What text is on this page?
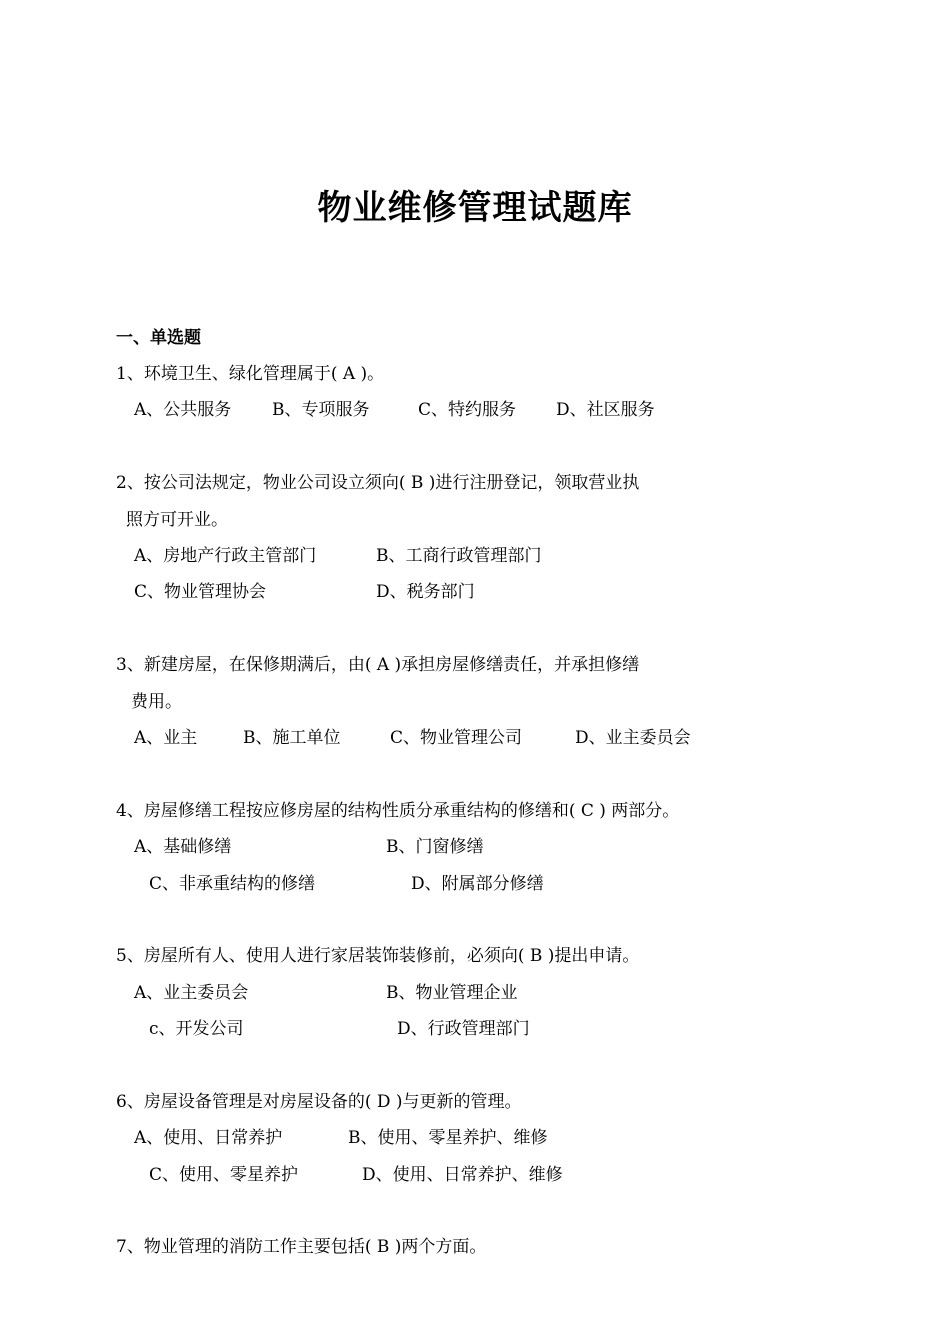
物业维修管理试题库
一、单选题
1、环境卫生、绿化管理属于( A )。
A、公共服务 B、专项服务	C、特约服务 D、社区服务
2、按公司法规定，物业公司设立须向( B )进行注册登记，领取营业执
照方可开业。
A、房地产行政主管部门	B、工商行政管理部门
C、物业管理协会	D、税务部门
3、新建房屋，在保修期满后，由( A )承担房屋修缮责任，并承担修缮
费用。
A、业主	B、施工单位	C、物业管理公司	D、业主委员会
4、房屋修缮工程按应修房屋的结构性质分承重结构的修缮和( C ) 两部分。
A、基础修缮	B、门窗修缮
C、非承重结构的修缮	D、附属部分修缮
5、房屋所有人、使用人进行家居装饰装修前，必须向( B )提出申请。
A、业主委员会	B、物业管理企业
c、开发公司	D、行政管理部门
6、房屋设备管理是对房屋设备的( D )与更新的管理。
A、使用、日常养护	B、使用、零星养护、维修
C、使用、零星养护	D、使用、日常养护、维修
7、物业管理的消防工作主要包括( B )两个方面。
